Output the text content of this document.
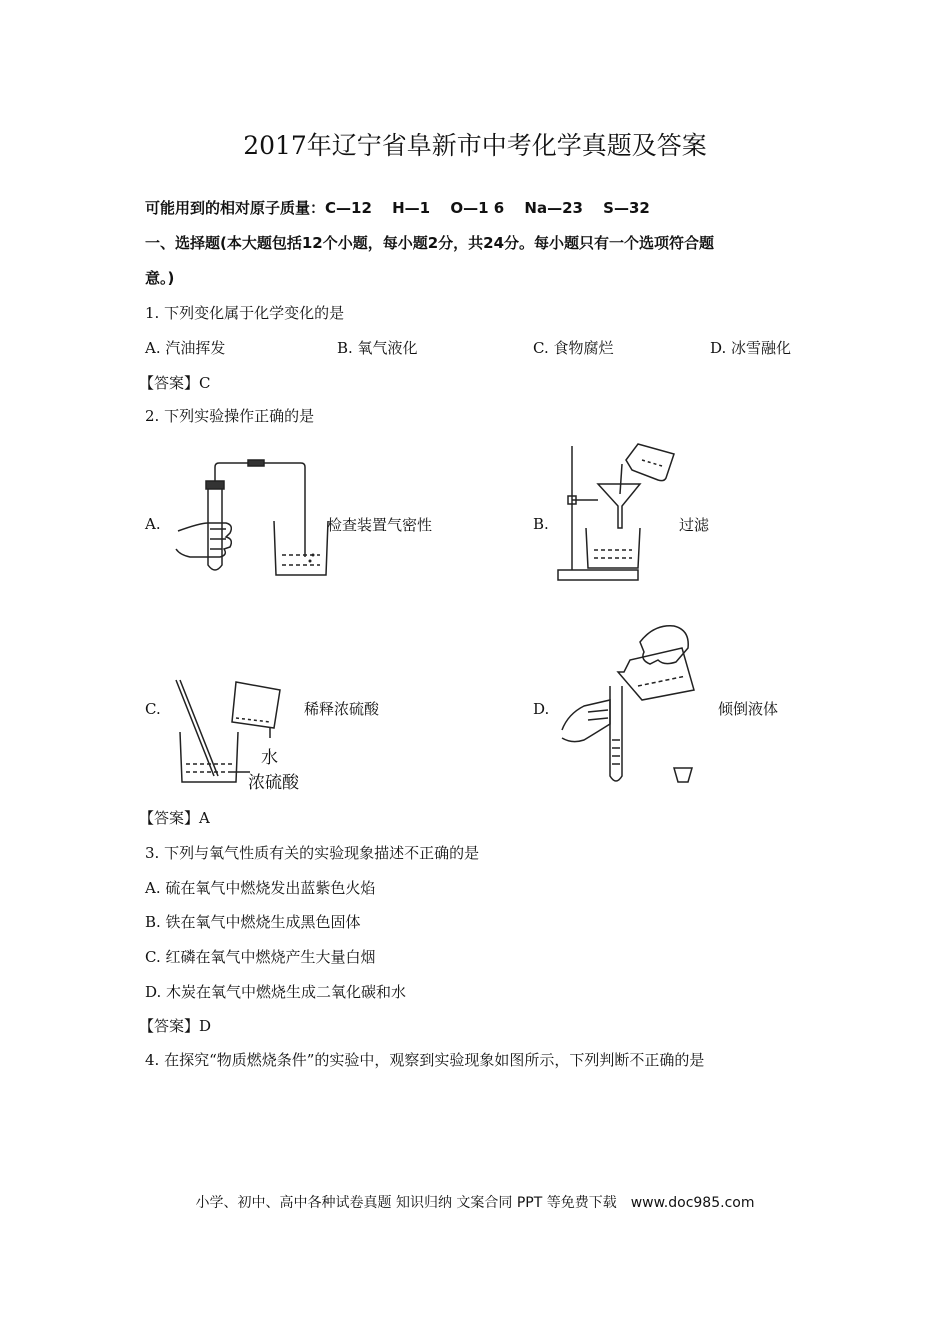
2017年辽宁省阜新市中考化学真题及答案
可能用到的相对原子质量：C—12　 H—1 　O—1 6　 Na—23　 S—32
一、选择题(本大题包括12个小题，每小题2分，共24分。每小题只有一个选项符合题
意。)
1. 下列变化属于化学变化的是
A. 汽油挥发	B. 氧气液化	C. 食物腐烂	D. 冰雪融化
【答案】C
2. 下列实验操作正确的是
A.	检查装置气密性	B.	过滤
C.	稀释浓硫酸
水
浓硫酸
D.	倾倒液体
【答案】A
3. 下列与氧气性质有关的实验现象描述不正确的是
A. 硫在氧气中燃烧发出蓝紫色火焰
B. 铁在氧气中燃烧生成黑色固体
C. 红磷在氧气中燃烧产生大量白烟
D. 木炭在氧气中燃烧生成二氧化碳和水
【答案】D
4. 在探究“物质燃烧条件”的实验中，观察到实验现象如图所示，下列判断不正确的是
小学、初中、高中各种试卷真题 知识归纳 文案合同 PPT 等免费下载　www.doc985.com
